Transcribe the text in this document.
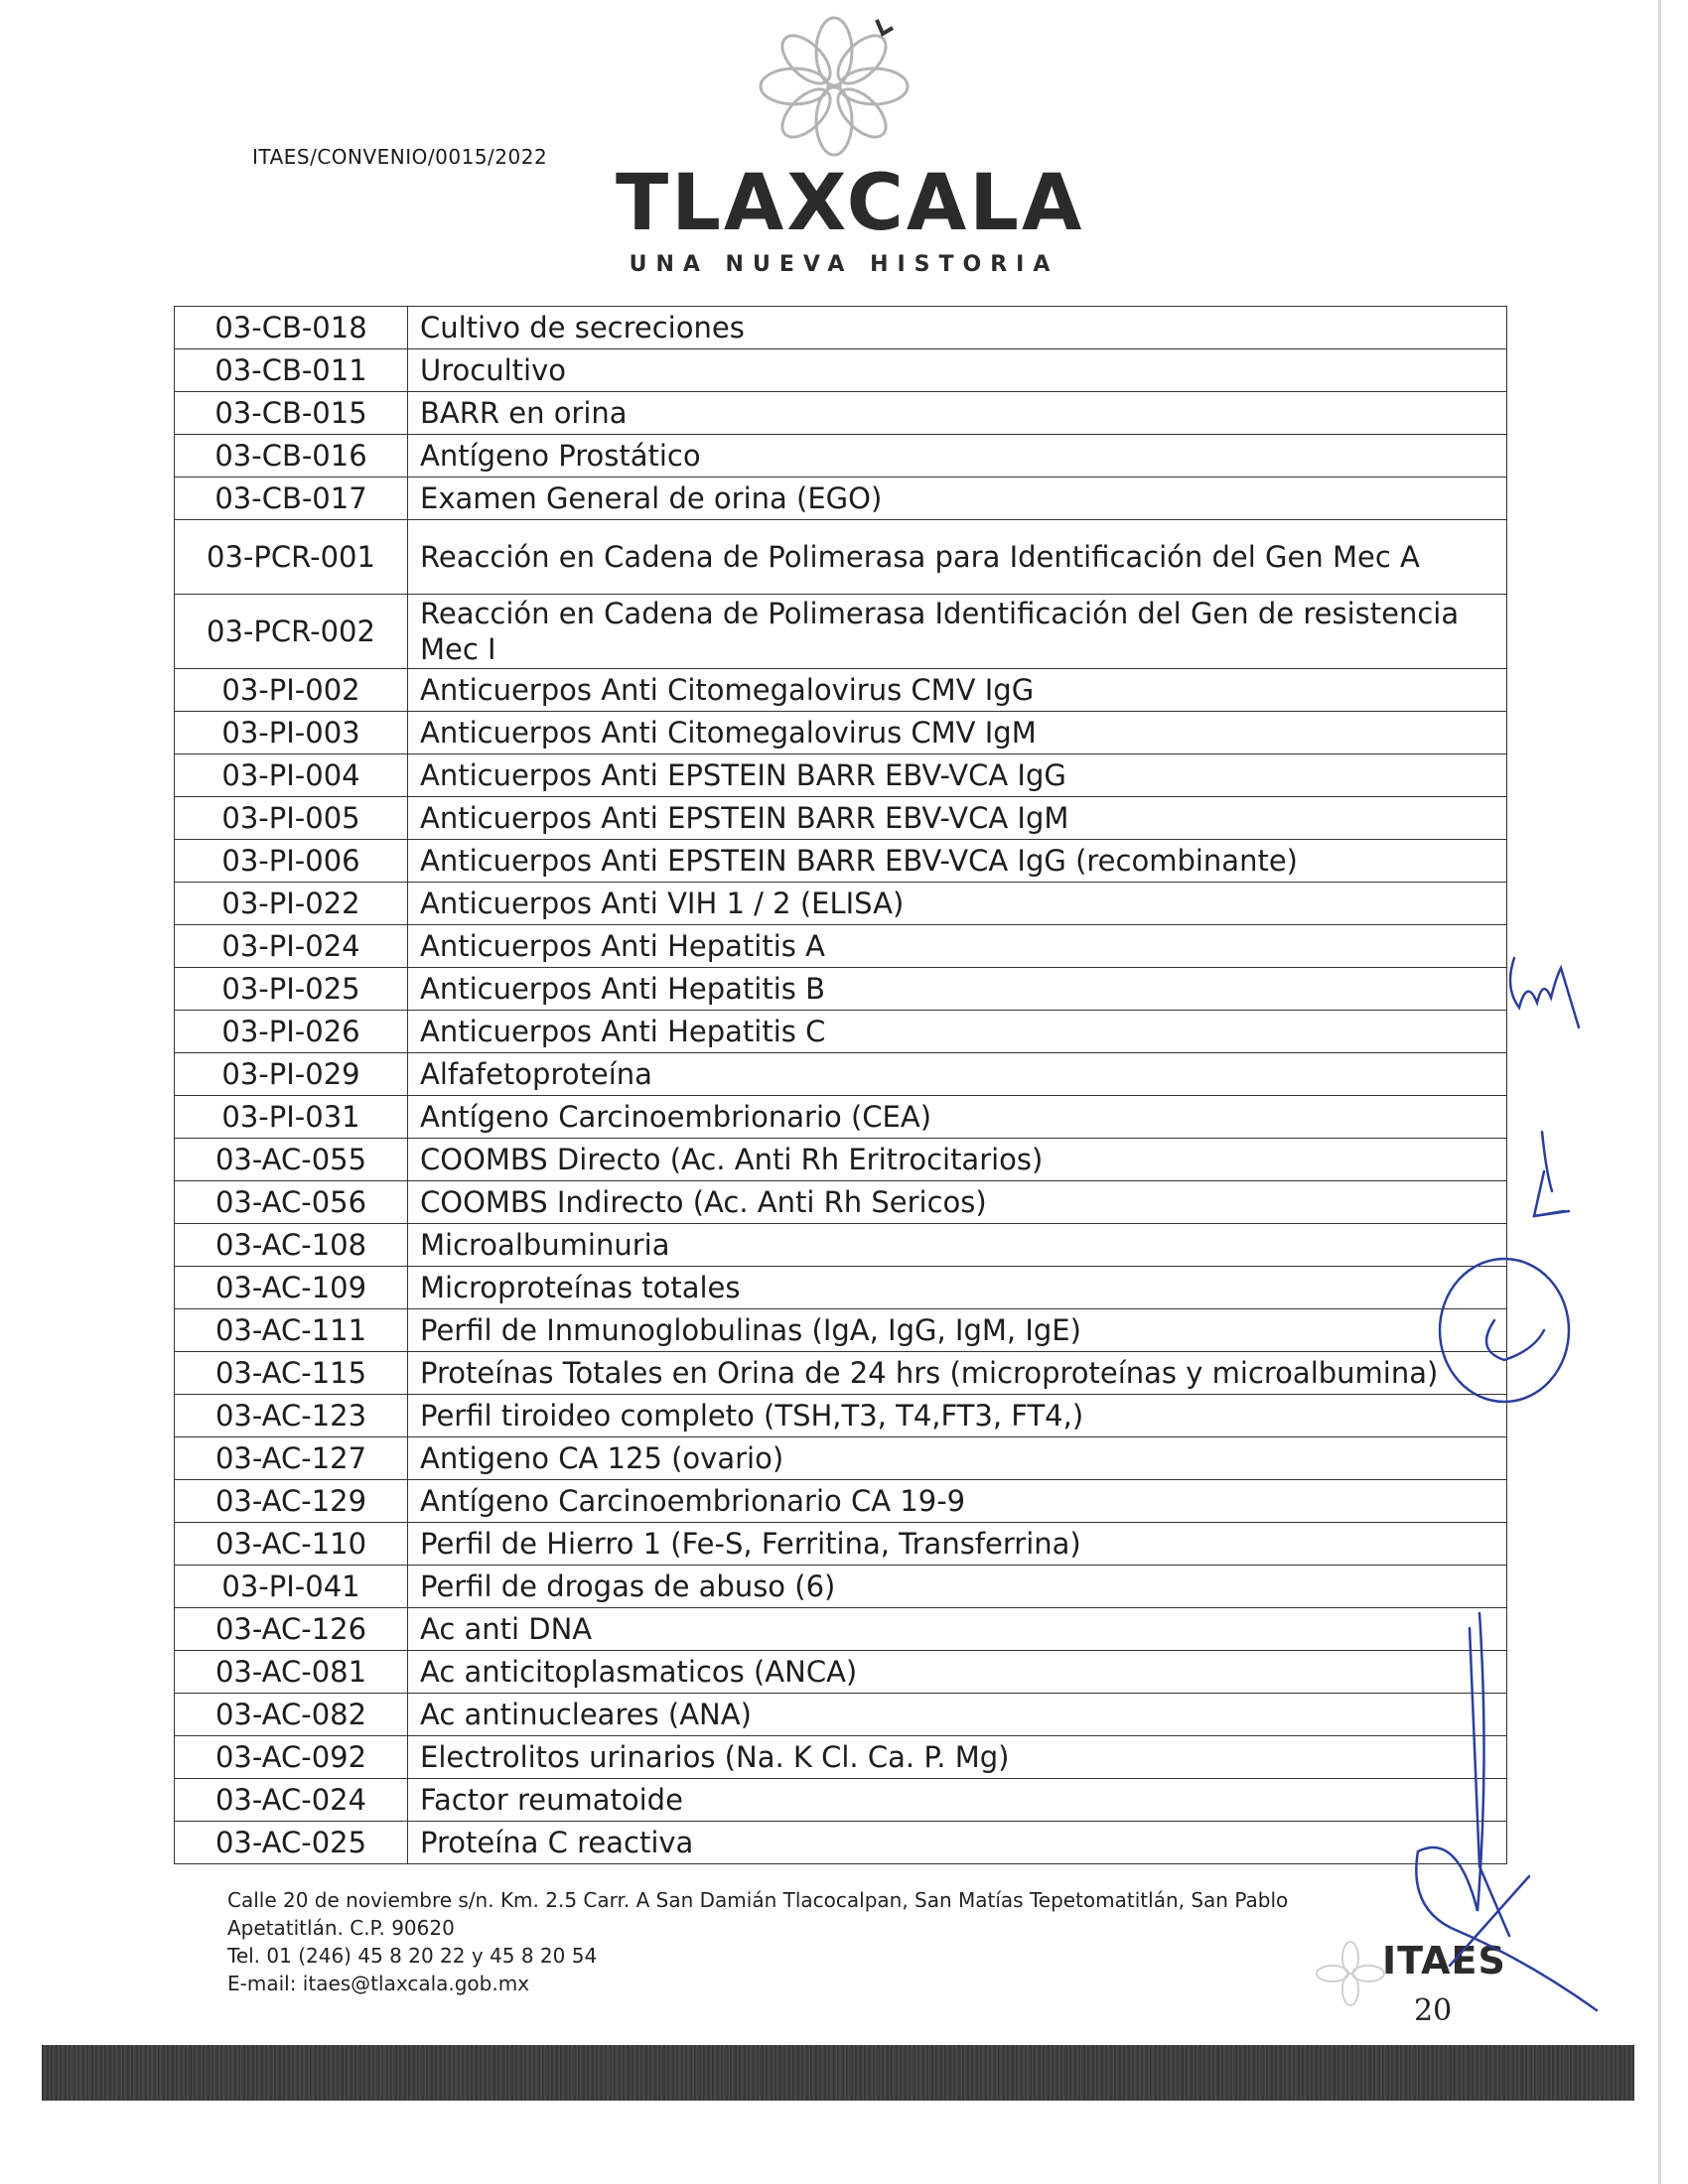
ITAES/CONVENIO/0015/2022
TLAXCALA
UNA NUEVA HISTORIA
03-CB-018	Cultivo de secreciones
03-CB-011	Urocultivo
03-CB-015	BARR en orina
03-CB-016	Antígeno Prostático
03-CB-017	Examen General de orina (EGO)
03-PCR-001	Reacción en Cadena de Polimerasa para Identificación del Gen Mec A
03-PCR-002	Reacción en Cadena de Polimerasa Identificación del Gen de resistencia Mec I
03-PI-002	Anticuerpos Anti Citomegalovirus CMV IgG
03-PI-003	Anticuerpos Anti Citomegalovirus CMV IgM
03-PI-004	Anticuerpos Anti EPSTEIN BARR EBV-VCA IgG
03-PI-005	Anticuerpos Anti EPSTEIN BARR EBV-VCA IgM
03-PI-006	Anticuerpos Anti EPSTEIN BARR EBV-VCA IgG (recombinante)
03-PI-022	Anticuerpos Anti VIH 1 / 2 (ELISA)
03-PI-024	Anticuerpos Anti Hepatitis A
03-PI-025	Anticuerpos Anti Hepatitis B
03-PI-026	Anticuerpos Anti Hepatitis C
03-PI-029	Alfafetoproteína
03-PI-031	Antígeno Carcinoembrionario (CEA)
03-AC-055	COOMBS Directo (Ac. Anti Rh Eritrocitarios)
03-AC-056	COOMBS Indirecto (Ac. Anti Rh Sericos)
03-AC-108	Microalbuminuria
03-AC-109	Microproteínas totales
03-AC-111	Perfil de Inmunoglobulinas (IgA, IgG, IgM, IgE)
03-AC-115	Proteínas Totales en Orina de 24 hrs (microproteínas y microalbumina)
03-AC-123	Perfil tiroideo completo (TSH,T3, T4,FT3, FT4,)
03-AC-127	Antigeno CA 125 (ovario)
03-AC-129	Antígeno Carcinoembrionario CA 19-9
03-AC-110	Perfil de Hierro 1 (Fe-S, Ferritina, Transferrina)
03-PI-041	Perfil de drogas de abuso (6)
03-AC-126	Ac anti DNA
03-AC-081	Ac anticitoplasmaticos (ANCA)
03-AC-082	Ac antinucleares (ANA)
03-AC-092	Electrolitos urinarios (Na. K Cl. Ca. P. Mg)
03-AC-024	Factor reumatoide
03-AC-025	Proteína C reactiva
Calle 20 de noviembre s/n. Km. 2.5 Carr. A San Damián Tlacocalpan, San Matías Tepetomatitlán, San Pablo
Apetatitlán. C.P. 90620
Tel. 01 (246) 45 8 20 22 y 45 8 20 54
E-mail: itaes@tlaxcala.gob.mx
ITAES
20
